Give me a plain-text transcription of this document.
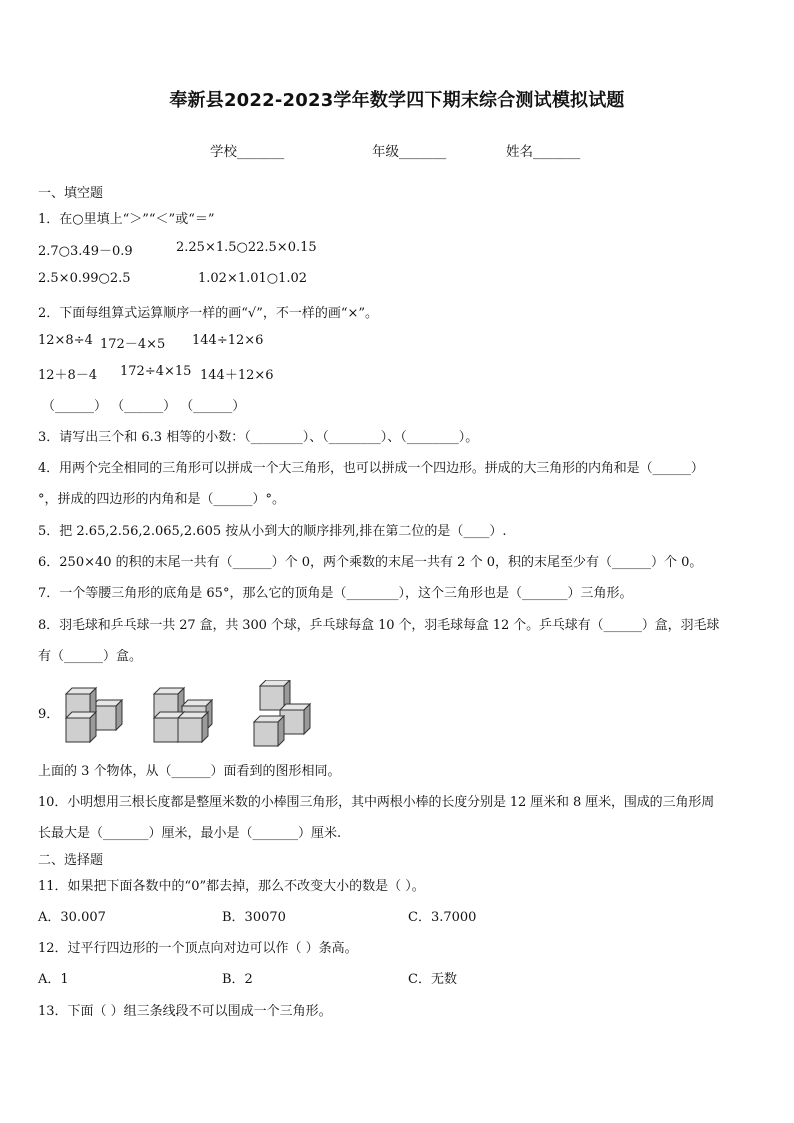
奉新县2022-2023学年数学四下期末综合测试模拟试题
学校_______	年级_______	姓名_______
一、填空题
1．在○里填上“＞”“＜”或“＝”
2.7○3.49－0.9	2.25×1.5○22.5×0.15
2.5×0.99○2.5	1.02×1.01○1.02
2．下面每组算式运算顺序一样的画“√”，不一样的画“×”。
12×8÷4 172－4×5 144÷12×6
12＋8－4 172÷4×15 144＋12×6
（______） （______） （______）
3．请写出三个和 6.3 相等的小数：（________）、（________）、（________）。
4．用两个完全相同的三角形可以拼成一个大三角形，也可以拼成一个四边形。拼成的大三角形的内角和是（______）
°，拼成的四边形的内角和是（______）°。
5．把 2.65,2.56,2.065,2.605 按从小到大的顺序排列,排在第二位的是（____）.
6．250×40 的积的末尾一共有（______）个 0，两个乘数的末尾一共有 2 个 0，积的末尾至少有（______）个 0。
7．一个等腰三角形的底角是 65°，那么它的顶角是（________），这个三角形也是（_______）三角形。
8．羽毛球和乒乓球一共 27 盒，共 300 个球，乒乓球每盒 10 个，羽毛球每盒 12 个。乒乓球有（______）盒，羽毛球
有（______）盒。
9．
上面的 3 个物体，从（______）面看到的图形相同。
10．小明想用三根长度都是整厘米数的小棒围三角形，其中两根小棒的长度分别是 12 厘米和 8 厘米，围成的三角形周
长最大是（_______）厘米，最小是（_______）厘米.
二、选择题
11．如果把下面各数中的“0”都去掉，那么不改变大小的数是（ ）。
A．30.007	B．30070	C．3.7000
12．过平行四边形的一个顶点向对边可以作（ ）条高。
A．1	B．2	C．无数
13．下面（ ）组三条线段不可以围成一个三角形。
